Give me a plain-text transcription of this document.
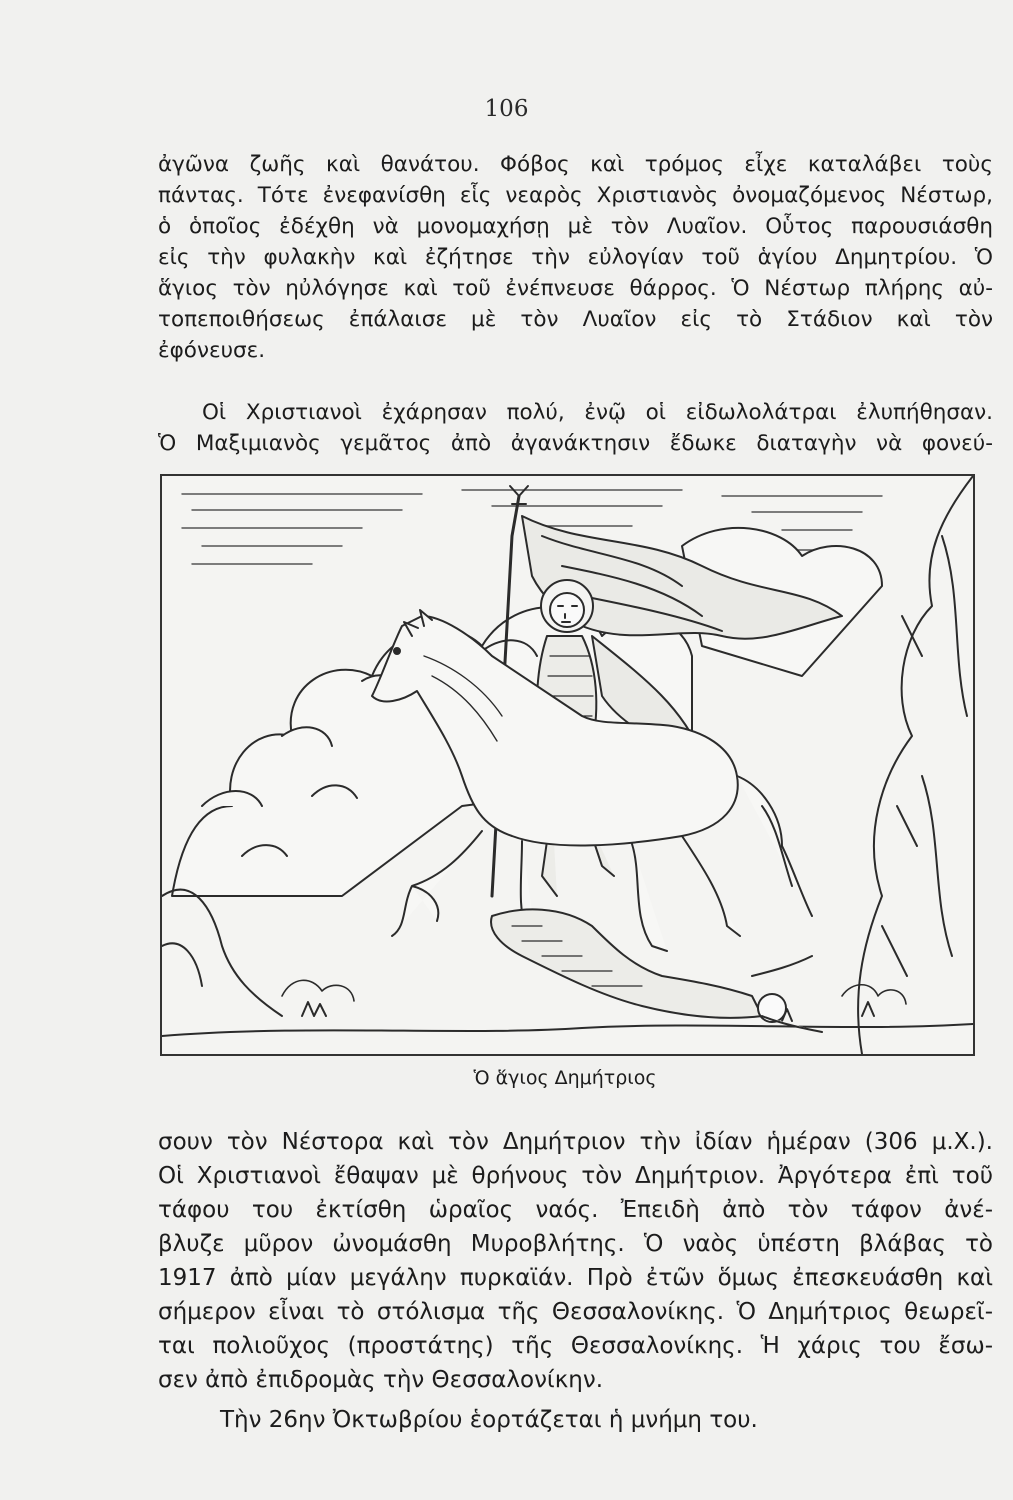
106
ἀγῶνα ζωῆς καὶ θανάτου. Φόβος καὶ τρόμος εἶχε καταλάβει τοὺς
πάντας. Τότε ἐνεφανίσθη εἷς νεαρὸς Χριστιανὸς ὀνομαζόμενος Νέστωρ,
ὁ ὁποῖος ἐδέχθη νὰ μονομαχήσῃ μὲ τὸν Λυαῖον. Οὗτος παρουσιάσθη
εἰς τὴν φυλακὴν καὶ ἐζήτησε τὴν εὐλογίαν τοῦ ἁγίου Δημητρίου. Ὁ
ἅγιος τὸν ηὐλόγησε καὶ τοῦ ἐνέπνευσε θάρρος. Ὁ Νέστωρ πλήρης αὐ-
τοπεποιθήσεως ἐπάλαισε μὲ τὸν Λυαῖον εἰς τὸ Στάδιον καὶ τὸν
ἐφόνευσε.
Οἱ Χριστιανοὶ ἐχάρησαν πολύ, ἐνῷ οἱ εἰδωλολάτραι ἐλυπήθησαν.
Ὁ Μαξιμιανὸς γεμᾶτος ἀπὸ ἀγανάκτησιν ἔδωκε διαταγὴν νὰ φονεύ-
Ὁ ἅγιος Δημήτριος
σουν τὸν Νέστορα καὶ τὸν Δημήτριον τὴν ἰδίαν ἡμέραν (306 μ.Χ.).
Οἱ Χριστιανοὶ ἔθαψαν μὲ θρήνους τὸν Δημήτριον. Ἀργότερα ἐπὶ τοῦ
τάφου του ἐκτίσθη ὡραῖος ναός. Ἐπειδὴ ἀπὸ τὸν τάφον ἀνέ-
βλυζε μῦρον ὠνομάσθη Μυροβλήτης. Ὁ ναὸς ὑπέστη βλάβας τὸ
1917 ἀπὸ μίαν μεγάλην πυρκαϊάν. Πρὸ ἐτῶν ὅμως ἐπεσκευάσθη καὶ
σήμερον εἶναι τὸ στόλισμα τῆς Θεσσαλονίκης. Ὁ Δημήτριος θεωρεῖ-
ται πολιοῦχος (προστάτης) τῆς Θεσσαλονίκης. Ἡ χάρις του ἔσω-
σεν ἀπὸ ἐπιδρομὰς τὴν Θεσσαλονίκην.
Τὴν 26ην Ὀκτωβρίου ἑορτάζεται ἡ μνήμη του.
